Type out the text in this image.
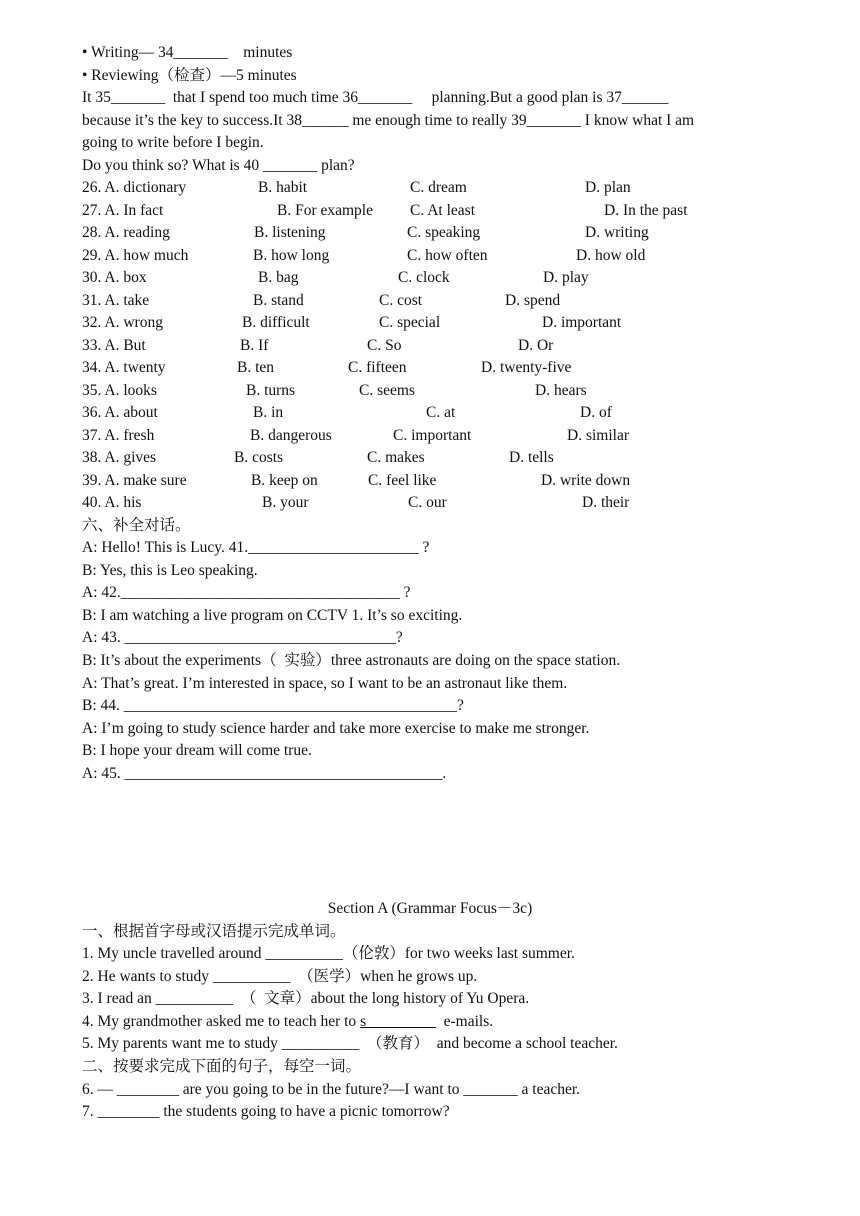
• Writing— 34_______    minutes
• Reviewing（检查）—5 minutes
It 35_______  that I spend too much time 36_______     planning.But a good plan is 37______
because it’s the key to success.It 38______ me enough time to really 39_______ I know what I am
going to write before I begin.
Do you think so? What is 40 _______ plan?
26. A. dictionary	B. habit	C. dream	D. plan
27. A. In fact	B. For example C. At least	D. In the past
28. A. reading	B. listening	C. speaking	D. writing
29. A. how much	B. how long	C. how often	D. how old
30. A. box	B. bag	C. clock	D. play
31. A. take	B. stand	C. cost	D. spend
32. A. wrong	B. difficult	C. special	D. important
33. A. But	B. If	C. So	D. Or
34. A. twenty	B. ten	C. fifteen	D. twenty-five
35. A. looks	B. turns	C. seems	D. hears
36. A. about	B. in	C. at	D. of
37. A. fresh	B. dangerous	C. important	D. similar
38. A. gives	B. costs	C. makes	D. tells
39. A. make sure	B. keep on	C. feel like	D. write down
40. A. his	B. your	C. our	D. their
六、补全对话。
A: Hello! This is Lucy. 41.______________________ ?
B: Yes, this is Leo speaking.
A: 42.____________________________________ ?
B: I am watching a live program on CCTV 1. It’s so exciting.
A: 43. ___________________________________?
B: It’s about the experiments（  实验）three astronauts are doing on the space station.
A: That’s great. I’m interested in space, so I want to be an astronaut like them.
B: 44. ___________________________________________?
A: I’m going to study science harder and take more exercise to make me stronger.
B: I hope your dream will come true.
A: 45. _________________________________________.
Section A (Grammar Focus－3c)
一、根据首字母或汉语提示完成单词。
1. My uncle travelled around __________（伦敦）for two weeks last summer.
2. He wants to study __________  （医学）when he grows up.
3. I read an __________  （  文章）about the long history of Yu Opera.
4. My grandmother asked me to teach her to s_________  e-mails.
5. My parents want me to study __________  （教育）  and become a school teacher.
二、按要求完成下面的句子，每空一词。
6. — ________ are you going to be in the future?—I want to _______ a teacher.
7. ________ the students going to have a picnic tomorrow?
